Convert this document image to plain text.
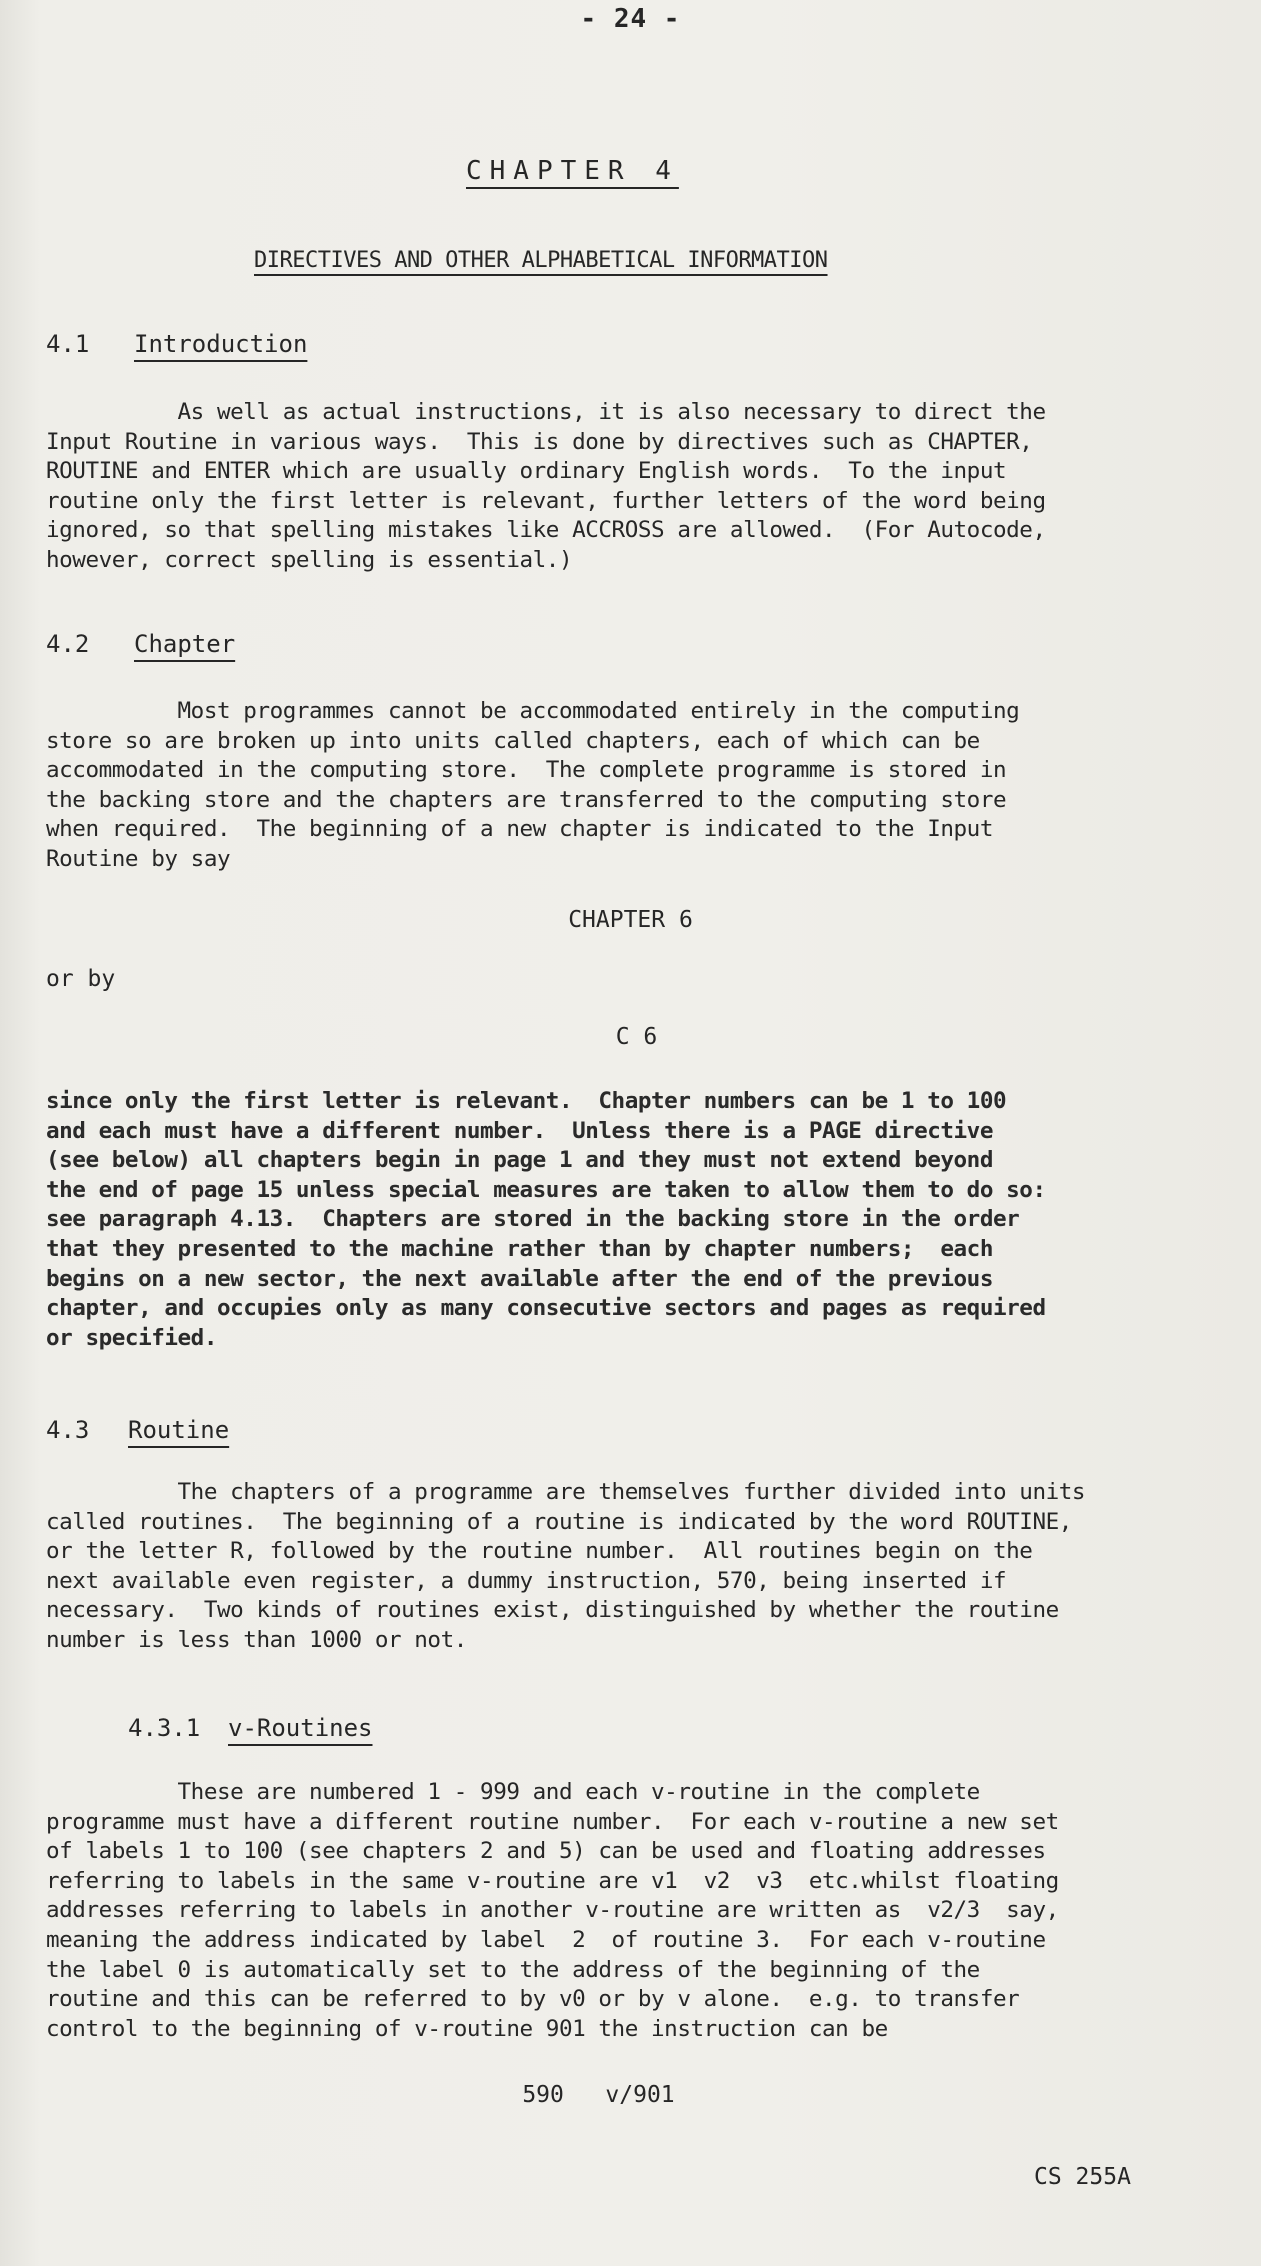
- 24 -
CHAPTER 4
DIRECTIVES AND OTHER ALPHABETICAL INFORMATION
4.1 Introduction
As well as actual instructions, it is also necessary to direct the
Input Routine in various ways.  This is done by directives such as CHAPTER,
ROUTINE and ENTER which are usually ordinary English words.  To the input
routine only the first letter is relevant, further letters of the word being
ignored, so that spelling mistakes like ACCROSS are allowed.  (For Autocode,
however, correct spelling is essential.)
4.2 Chapter
Most programmes cannot be accommodated entirely in the computing
store so are broken up into units called chapters, each of which can be
accommodated in the computing store.  The complete programme is stored in
the backing store and the chapters are transferred to the computing store
when required.  The beginning of a new chapter is indicated to the Input
Routine by say
CHAPTER 6
or by
C 6
since only the first letter is relevant.  Chapter numbers can be 1 to 100
and each must have a different number.  Unless there is a PAGE directive
(see below) all chapters begin in page 1 and they must not extend beyond
the end of page 15 unless special measures are taken to allow them to do so:
see paragraph 4.13.  Chapters are stored in the backing store in the order
that they presented to the machine rather than by chapter numbers;  each
begins on a new sector, the next available after the end of the previous
chapter, and occupies only as many consecutive sectors and pages as required
or specified.
4.3 Routine
The chapters of a programme are themselves further divided into units
called routines.  The beginning of a routine is indicated by the word ROUTINE,
or the letter R, followed by the routine number.  All routines begin on the
next available even register, a dummy instruction, 570, being inserted if
necessary.  Two kinds of routines exist, distinguished by whether the routine
number is less than 1000 or not.
4.3.1 v-Routines
These are numbered 1 - 999 and each v-routine in the complete
programme must have a different routine number.  For each v-routine a new set
of labels 1 to 100 (see chapters 2 and 5) can be used and floating addresses
referring to labels in the same v-routine are v1  v2  v3  etc.whilst floating
addresses referring to labels in another v-routine are written as  v2/3  say,
meaning the address indicated by label  2  of routine 3.  For each v-routine
the label 0 is automatically set to the address of the beginning of the
routine and this can be referred to by v0 or by v alone.  e.g. to transfer
control to the beginning of v-routine 901 the instruction can be
590   v/901
CS 255A
